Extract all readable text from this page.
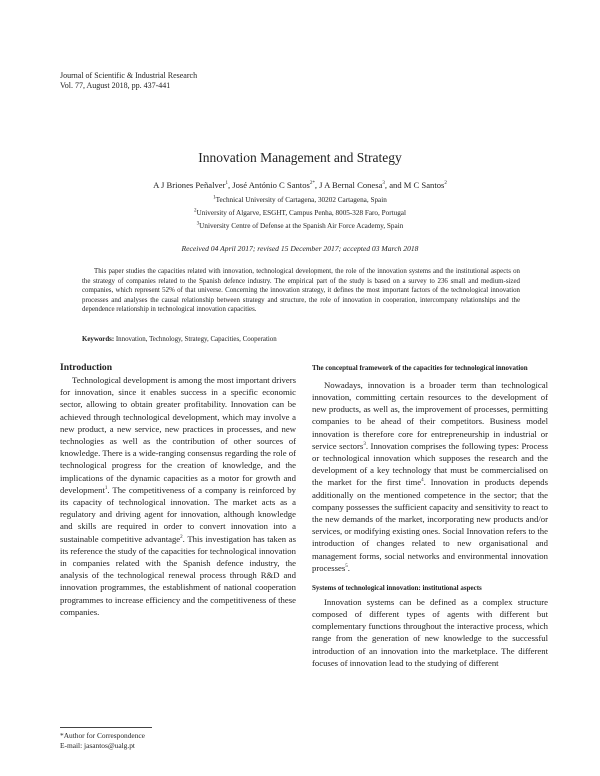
Journal of Scientific & Industrial Research
Vol. 77, August 2018, pp. 437-441
Innovation Management and Strategy
A J Briones Peñalver$^1$, José António C Santos$^{2*}$, J A Bernal Conesa$^3$, and M C Santos$^2$
$^1$Technical University of Cartagena, 30202 Cartagena, Spain
$^2$University of Algarve, ESGHT, Campus Penha, 8005-328 Faro, Portugal
$^3$University Centre of Defense at the Spanish Air Force Academy, Spain
Received 04 April 2017; revised 15 December 2017; accepted 03 March 2018

This paper studies the capacities related with innovation, technological development, the role of the innovation systems and the institutional aspects on the strategy of companies related to the Spanish defence industry. The empirical part of the study is based on a survey to 236 small and medium-sized companies, which represent 52% of that universe. Concerning the innovation strategy, it defines the most important factors of the technological innovation processes and analyses the causal relationship between strategy and structure, the role of innovation in cooperation, intercompany relationships and the dependence relationship in technological innovation capacities.

Keywords: Innovation, Technology, Strategy, Capacities, Cooperation
Introduction

Technological development is among the most important drivers for innovation, since it enables success in a specific economic sector, allowing to obtain greater profitability. Innovation can be achieved through technological development, which may involve a new product, a new service, new practices in processes, and new technologies as well as the contribution of other sources of knowledge. There is a wide-ranging consensus regarding the role of technological progress for the creation of knowledge, and the implications of the dynamic capacities as a motor for growth and development$^1$. The competitiveness of a company is reinforced by its capacity of technological innovation. The market acts as a regulatory and driving agent for innovation, although knowledge and skills are required in order to convert innovation into a sustainable competitive advantage$^2$. This investigation has taken as its reference the study of the capacities for technological innovation in companies related with the Spanish defence industry, the analysis of the technological renewal process through R&D and innovation programmes, the establishment of national cooperation programmes to increase efficiency and the competitiveness of these companies.

The conceptual framework of the capacities for technological innovation

Nowadays, innovation is a broader term than technological innovation, committing certain resources to the development of new products, as well as, the improvement of processes, permitting companies to be ahead of their competitors. Business model innovation is therefore core for entrepreneurship in industrial or service sectors$^3$. Innovation comprises the following types: Process or technological innovation which supposes the research and the development of a key technology that must be commercialised on the market for the first time$^4$. Innovation in products depends additionally on the mentioned competence in the sector; that the company possesses the sufficient capacity and sensitivity to react to the new demands of the market, incorporating new products and/or services, or modifying existing ones. Social Innovation refers to the introduction of changes related to new organisational and management forms, social networks and environmental innovation processes$^5$.

Systems of technological innovation: institutional aspects

Innovation systems can be defined as a complex structure composed of different types of agents with different but complementary functions throughout the interactive process, which range from the generation of new knowledge to the successful introduction of an innovation into the marketplace. The different focuses of innovation lead to the studying of different

*Author for Correspondence
E-mail: jasantos@ualg.pt
